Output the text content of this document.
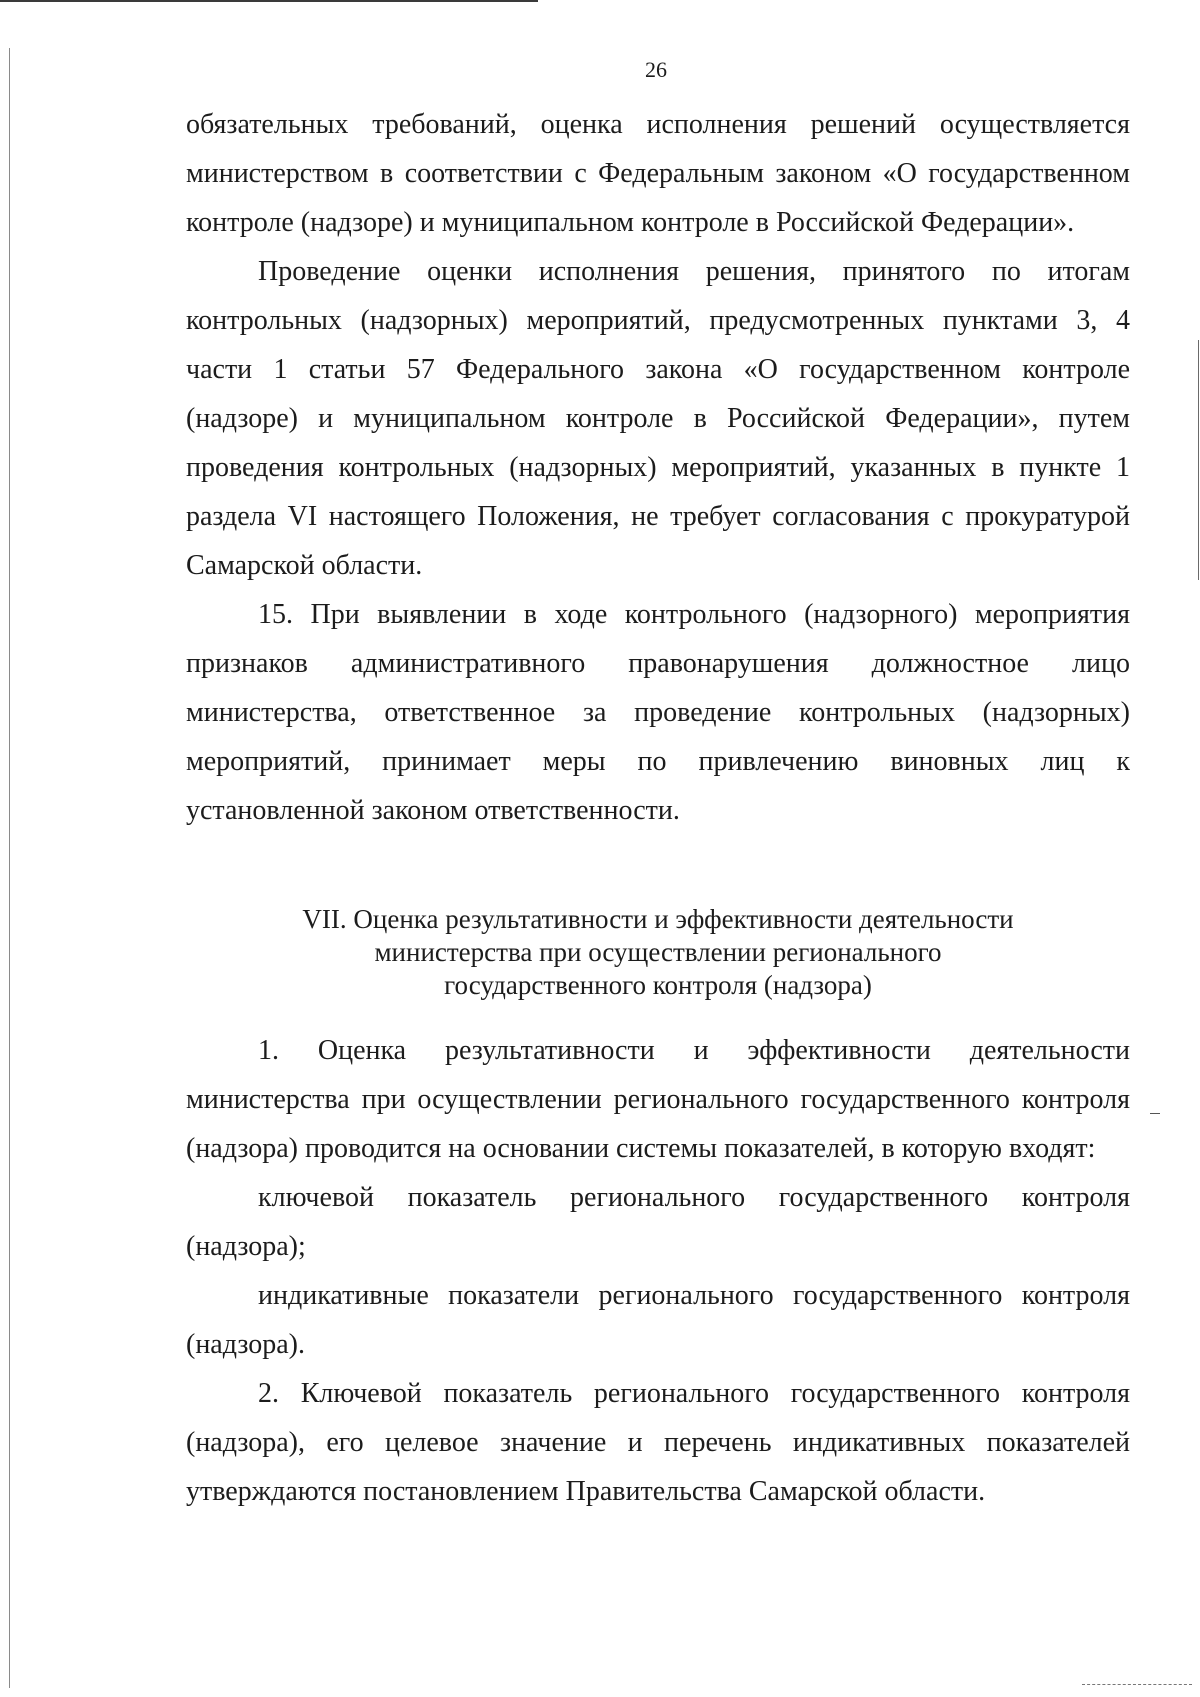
26

обязательных требований, оценка исполнения решений осуществляется министерством в соответствии с Федеральным законом «О государственном контроле (надзоре) и муниципальном контроле в Российской Федерации».

Проведение оценки исполнения решения, принятого по итогам контрольных (надзорных) мероприятий, предусмотренных пунктами 3, 4 части 1 статьи 57 Федерального закона «О государственном контроле (надзоре) и муниципальном контроле в Российской Федерации», путем проведения контрольных (надзорных) мероприятий, указанных в пункте 1 раздела VI настоящего Положения, не требует согласования с прокуратурой Самарской области.

15. При выявлении в ходе контрольного (надзорного) мероприятия признаков административного правонарушения должностное лицо министерства, ответственное за проведение контрольных (надзорных) мероприятий, принимает меры по привлечению виновных лиц к установленной законом ответственности.

VII. Оценка результативности и эффективности деятельности
министерства при осуществлении регионального
государственного контроля (надзора)

1. Оценка результативности и эффективности деятельности министерства при осуществлении регионального государственного контроля (надзора) проводится на основании системы показателей, в которую входят:

ключевой показатель регионального государственного контроля (надзора);

индикативные показатели регионального государственного контроля (надзора).

2. Ключевой показатель регионального государственного контроля (надзора), его целевое значение и перечень индикативных показателей утверждаются постановлением Правительства Самарской области.
